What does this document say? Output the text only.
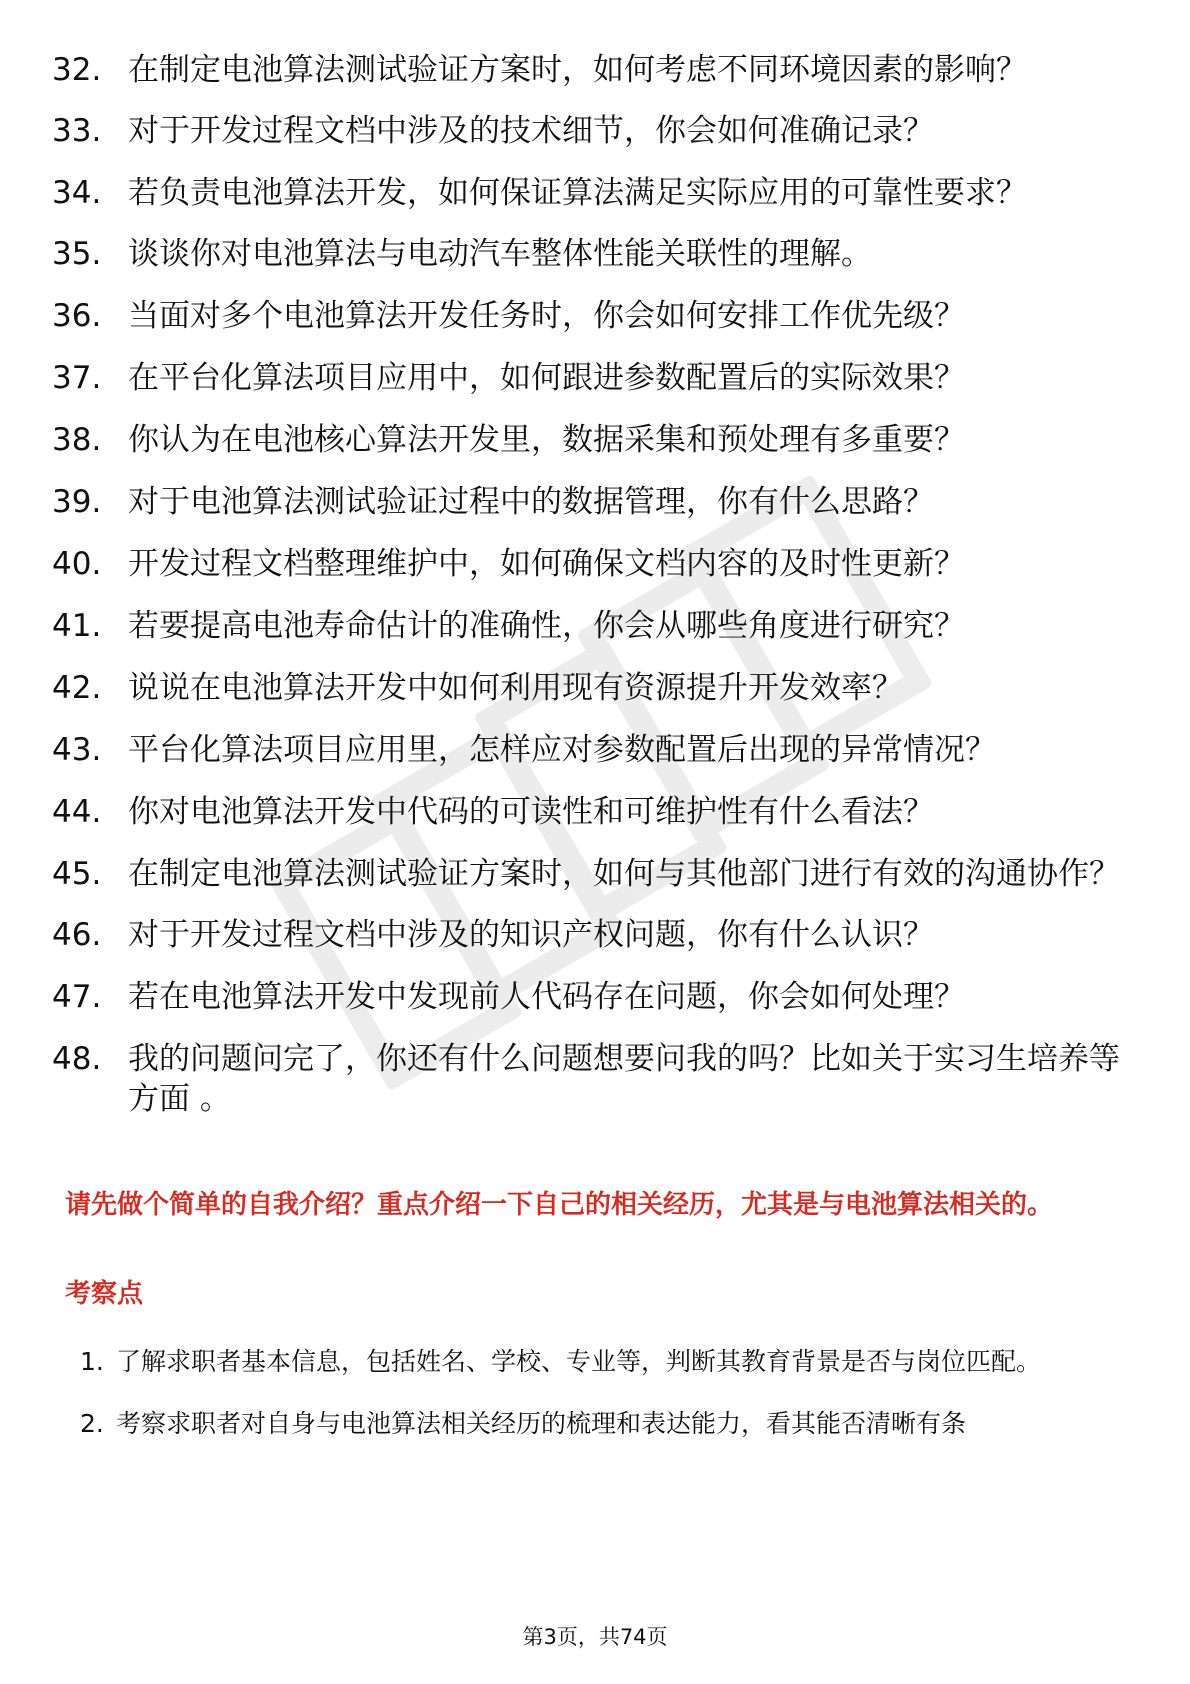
32. 在制定电池算法测试验证方案时，如何考虑不同环境因素的影响？
33. 对于开发过程文档中涉及的技术细节，你会如何准确记录？
34. 若负责电池算法开发，如何保证算法满足实际应用的可靠性要求？
35. 谈谈你对电池算法与电动汽车整体性能关联性的理解。
36. 当面对多个电池算法开发任务时，你会如何安排工作优先级？
37. 在平台化算法项目应用中，如何跟进参数配置后的实际效果？
38. 你认为在电池核心算法开发里，数据采集和预处理有多重要？
39. 对于电池算法测试验证过程中的数据管理，你有什么思路？
40. 开发过程文档整理维护中，如何确保文档内容的及时性更新？
41. 若要提高电池寿命估计的准确性，你会从哪些角度进行研究？
42. 说说在电池算法开发中如何利用现有资源提升开发效率？
43. 平台化算法项目应用里，怎样应对参数配置后出现的异常情况？
44. 你对电池算法开发中代码的可读性和可维护性有什么看法？
45. 在制定电池算法测试验证方案时，如何与其他部门进行有效的沟通协作？
46. 对于开发过程文档中涉及的知识产权问题，你有什么认识？
47. 若在电池算法开发中发现前人代码存在问题，你会如何处理？
48. 我的问题问完了，你还有什么问题想要问我的吗？比如关于实习生培养等方面 。
请先做个简单的自我介绍？重点介绍一下自己的相关经历，尤其是与电池算法相关的。
考察点
1. 了解求职者基本信息，包括姓名、学校、专业等，判断其教育背景是否与岗位匹配。
2. 考察求职者对自身与电池算法相关经历的梳理和表达能力，看其能否清晰有条
第3页，共74页
